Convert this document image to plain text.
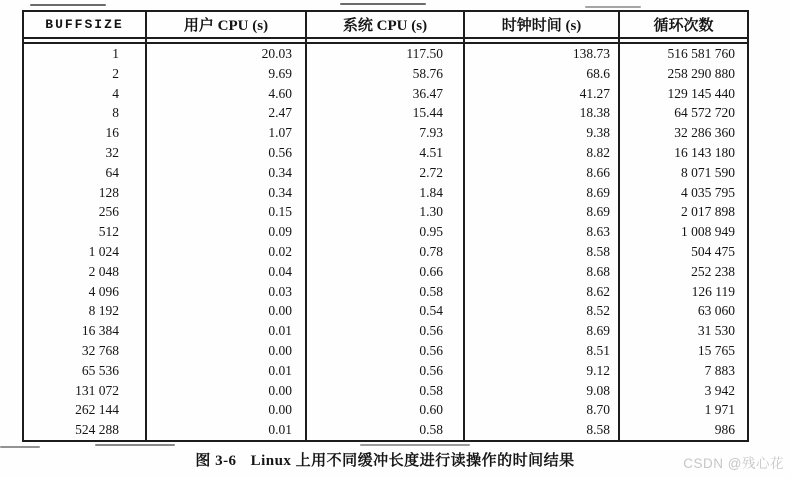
BUFFSIZE	用户 CPU (s)	系统 CPU (s)	时钟时间 (s)	循环次数

1	20.03	117.50	138.73	516 581 760
2	9.69	58.76	68.6	258 290 880
4	4.60	36.47	41.27	129 145 440
8	2.47	15.44	18.38	64 572 720
16	1.07	7.93	9.38	32 286 360
32	0.56	4.51	8.82	16 143 180
64	0.34	2.72	8.66	8 071 590
128	0.34	1.84	8.69	4 035 795
256	0.15	1.30	8.69	2 017 898
512	0.09	0.95	8.63	1 008 949
1 024	0.02	0.78	8.58	504 475
2 048	0.04	0.66	8.68	252 238
4 096	0.03	0.58	8.62	126 119
8 192	0.00	0.54	8.52	63 060
16 384	0.01	0.56	8.69	31 530
32 768	0.00	0.56	8.51	15 765
65 536	0.01	0.56	9.12	7 883
131 072	0.00	0.58	9.08	3 942
262 144	0.00	0.60	8.70	1 971
524 288	0.01	0.58	8.58	986
图 3-6 Linux 上用不同缓冲长度进行读操作的时间结果	CSDN @残心花
